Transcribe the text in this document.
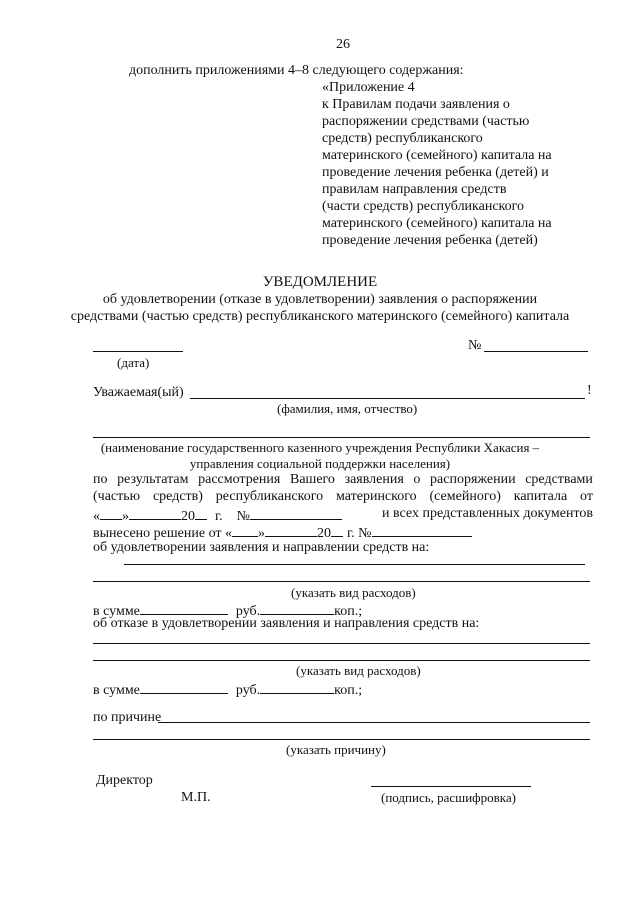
26
дополнить приложениями 4–8 следующего содержания:
«Приложение 4
к Правилам подачи заявления о
распоряжении средствами (частью
средств) республиканского
материнского (семейного) капитала на
проведение лечения ребенка (детей) и
правилам направления средств
(части средств) республиканского
материнского (семейного) капитала на
проведение лечения ребенка (детей)
УВЕДОМЛЕНИЕ
об удовлетворении (отказе в удовлетворении) заявления о распоряжении
средствами (частью средств) республиканского материнского (семейного) капитала
(дата)
№
Уважаемая(ый)	!
(фамилия, имя, отчество)
(наименование государственного казенного учреждения Республики Хакасия –
управления социальной поддержки населения)
по результатам рассмотрения Вашего заявления о распоряжении средствами
(частью средств) республиканского материнского (семейного) капитала от
« »	20 г. №	и всех представленных документов
вынесено решение от « »	20 г. №
об удовлетворении заявления и направлении средств на:
(указать вид расходов)
в сумме	руб.	коп.;
об отказе в удовлетворении заявления и направления средств на:
(указать вид расходов)
в сумме	руб.	коп.;
по причине
(указать причину)
Директор
М.П.	(подпись, расшифровка)
